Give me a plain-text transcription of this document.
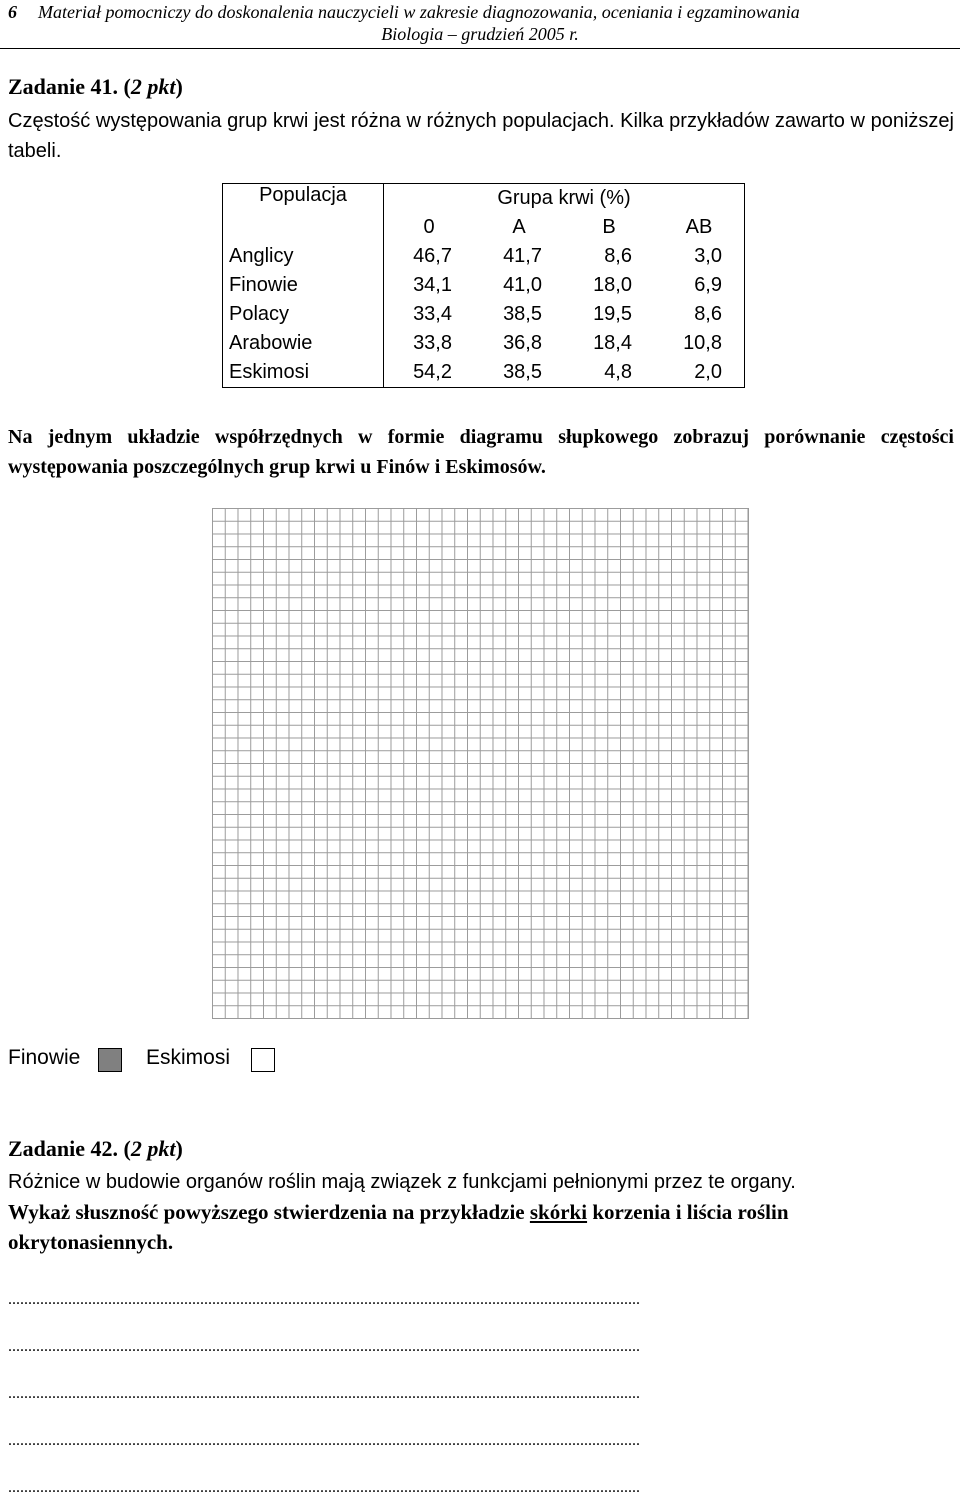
6 Materiał pomocniczy do doskonalenia nauczycieli w zakresie diagnozowania, oceniania i egzaminowania
Biologia – grudzień 2005 r.
Zadanie 41. (2 pkt)
Częstość występowania grup krwi jest różna w różnych populacjach. Kilka przykładów zawarto w poniższej tabeli.
Populacja	Grupa krwi (%)			
	0	A	B	AB
Anglicy	46,7	41,7	8,6	3,0
Finowie	34,1	41,0	18,0	6,9
Polacy	33,4	38,5	19,5	8,6
Arabowie	33,8	36,8	18,4	10,8
Eskimosi	54,2	38,5	4,8	2,0
Na jednym układzie współrzędnych w formie diagramu słupkowego zobrazuj porównanie częstości występowania poszczególnych grup krwi u Finów i Eskimosów.
Finowie	Eskimosi
Zadanie 42. (2 pkt)
Różnice w budowie organów roślin mają związek z funkcjami pełnionymi przez te organy.
Wykaż słuszność powyższego stwierdzenia na przykładzie skórki korzenia i liścia roślin okrytonasiennych.
..............................................................................................................................................................
..............................................................................................................................................................
..............................................................................................................................................................
..............................................................................................................................................................
..............................................................................................................................................................
